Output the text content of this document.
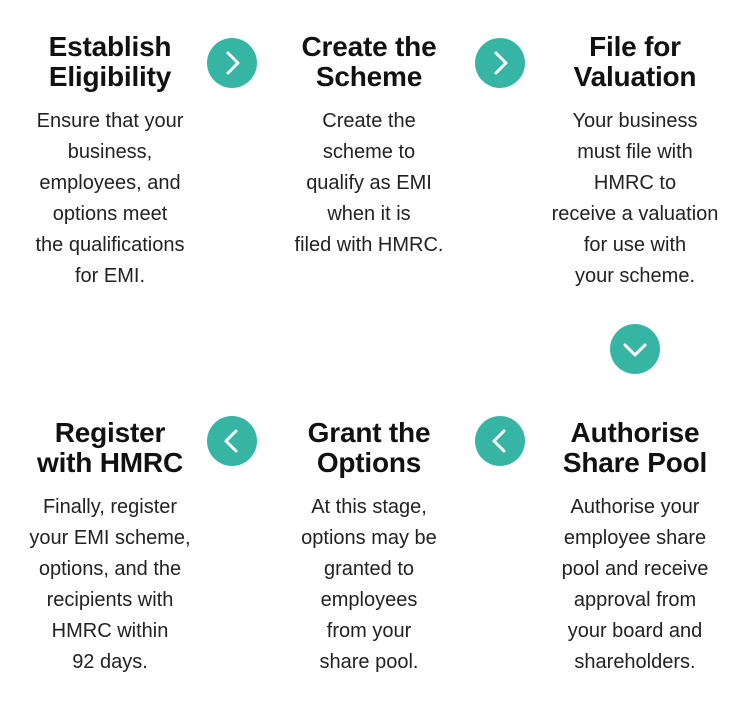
Establish
Eligibility
Ensure that your
business,
employees, and
options meet
the qualifications
for EMI.
Create the
Scheme
Create the
scheme to
qualify as EMI
when it is
filed with HMRC.
File for
Valuation
Your business
must file with
HMRC to
receive a valuation
for use with
your scheme.
Register
with HMRC
Finally, register
your EMI scheme,
options, and the
recipients with
HMRC within
92 days.
Grant the
Options
At this stage,
options may be
granted to
employees
from your
share pool.
Authorise
Share Pool
Authorise your
employee share
pool and receive
approval from
your board and
shareholders.
